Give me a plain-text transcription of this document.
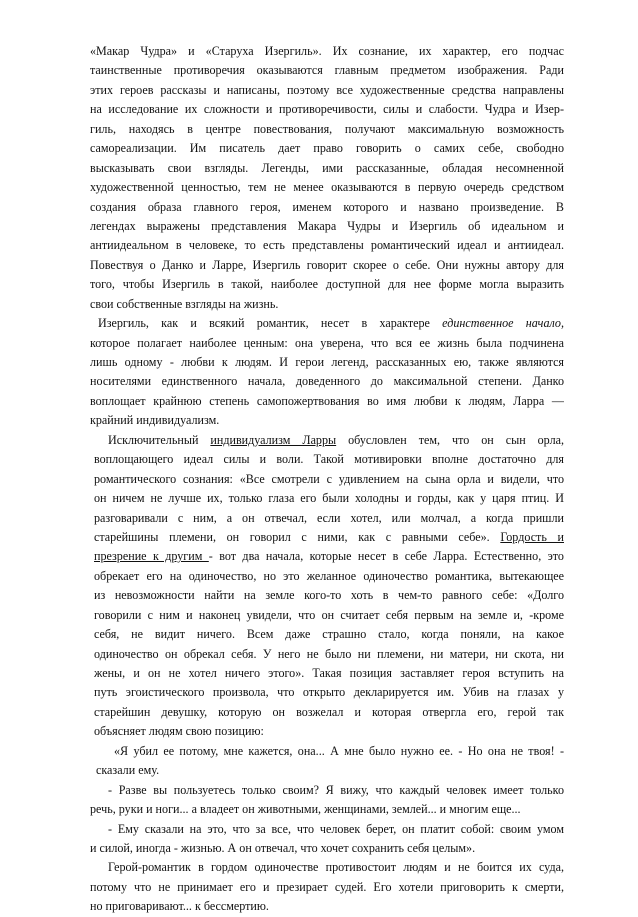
«Макар Чудра» и «Старуха Изергиль». Их сознание, их характер, его подчас
таинственные противоречия оказываются главным предметом изображения. Ради
этих героев рассказы и написаны, поэтому все художественные средства направлены
на исследование их сложности и противоречивости, силы и слабости. Чудра и Изер-
гиль, находясь в центре повествования, получают максимальную возможность
самореализации. Им писатель дает право говорить о самих себе, свободно
высказывать свои взгляды. Легенды, ими рассказанные, обладая несомненной
художественной ценностью, тем не менее оказываются в первую очередь средством
создания образа главного героя, именем которого и названо произведение. В
легендах выражены представления Макара Чудры и Изергиль об идеальном и
антиидеальном в человеке, то есть представлены романтический идеал и антиидеал.
Повествуя о Данко и Ларре, Изергиль говорит скорее о себе. Они нужны автору для
того, чтобы Изергиль в такой, наиболее доступной для нее форме могла выразить
свои собственные взгляды на жизнь.
Изергиль, как и всякий романтик, несет в характере единственное начало,
которое полагает наиболее ценным: она уверена, что вся ее жизнь была подчинена
лишь одному - любви к людям. И герои легенд, рассказанных ею, также являются
носителями единственного начала, доведенного до максимальной степени. Данко
воплощает крайнюю степень самопожертвования во имя любви к людям, Ларра —
крайний индивидуализм.
Исключительный индивидуализм Ларры обусловлен тем, что он сын орла,
воплощающего идеал силы и воли. Такой мотивировки вполне достаточно для
романтического сознания: «Все смотрели с удивлением на сына орла и видели, что
он ничем не лучше их, только глаза его были холодны и горды, как у царя птиц. И
разговаривали с ним, а он отвечал, если хотел, или молчал, а когда пришли
старейшины племени, он говорил с ними, как с равными себе». Гордость и
презрение к другим - вот два начала, которые несет в себе Ларра. Естественно, это
обрекает его на одиночество, но это желанное одиночество романтика, вытекающее
из невозможности найти на земле кого-то хоть в чем-то равного себе: «Долго
говорили с ним и наконец увидели, что он считает себя первым на земле и, -кроме
себя, не видит ничего. Всем даже страшно стало, когда поняли, на какое
одиночество он обрекал себя. У него не было ни племени, ни матери, ни скота, ни
жены, и он не хотел ничего этого». Такая позиция заставляет героя вступить на
путь эгоистического произвола, что открыто декларируется им. Убив на глазах у
старейшин девушку, которую он возжелал и которая отвергла его, герой так
объясняет людям свою позицию:
«Я убил ее потому, мне кажется, она... А мне было нужно ее. - Но она не твоя! -
сказали ему.
- Разве вы пользуетесь только своим? Я вижу, что каждый человек имеет только
речь, руки и ноги... а владеет он животными, женщинами, землей... и многим еще...
- Ему сказали на это, что за все, что человек берет, он платит собой: своим умом
и силой, иногда - жизнью. А он отвечал, что хочет сохранить себя целым».
Герой-романтик в гордом одиночестве противостоит людям и не боится их суда,
потому что не принимает его и презирает судей. Его хотели приговорить к смерти,
но приговаривают... к бессмертию.
